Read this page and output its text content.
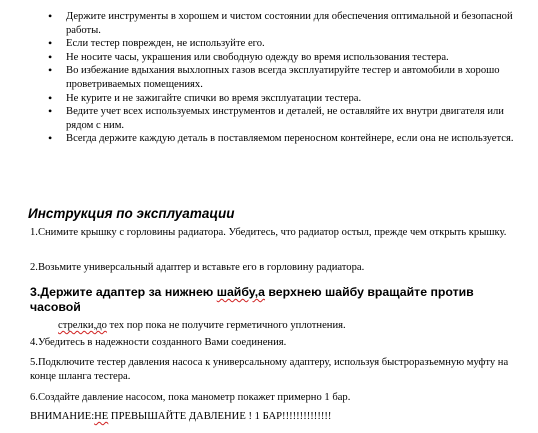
• Держите инструменты в хорошем и чистом состоянии для обеспечения оптимальной и безопасной работы.
• Если тестер поврежден, не используйте его.
• Не носите часы, украшения или свободную одежду во время использования тестера.
• Во избежание вдыхания выхлопных газов всегда эксплуатируйте тестер и автомобили в хорошо проветриваемых помещениях.
• Не курите и не зажигайте спички во время эксплуатации тестера.
• Ведите учет всех используемых инструментов и деталей, не оставляйте их внутри двигателя или рядом с ним.
• Всегда держите каждую деталь в поставляемом переносном контейнере, если она не используется.
Инструкция по эксплуатации
1.Снимите крышку с горловины радиатора. Убедитесь, что радиатор остыл, прежде чем открыть крышку.
2.Возьмите универсальный адаптер и вставьте его в горловину радиатора.
3.Держите адаптер за нижнею шайбу,а верхнею шайбу вращайте против часовой
стрелки,до тех пор пока не получите герметичного уплотнения.
4.Убедитесь в надежности созданного Вами соединения.
5.Подключите тестер давления насоса к универсальному адаптеру, используя быстроразъемную муфту на конце шланга тестера.
6.Создайте давление насосом, пока манометр покажет примерно 1 бар.
ВНИМАНИЕ:НЕ ПРЕВЫШАЙТЕ ДАВЛЕНИЕ ! 1 БАР!!!!!!!!!!!!!!
